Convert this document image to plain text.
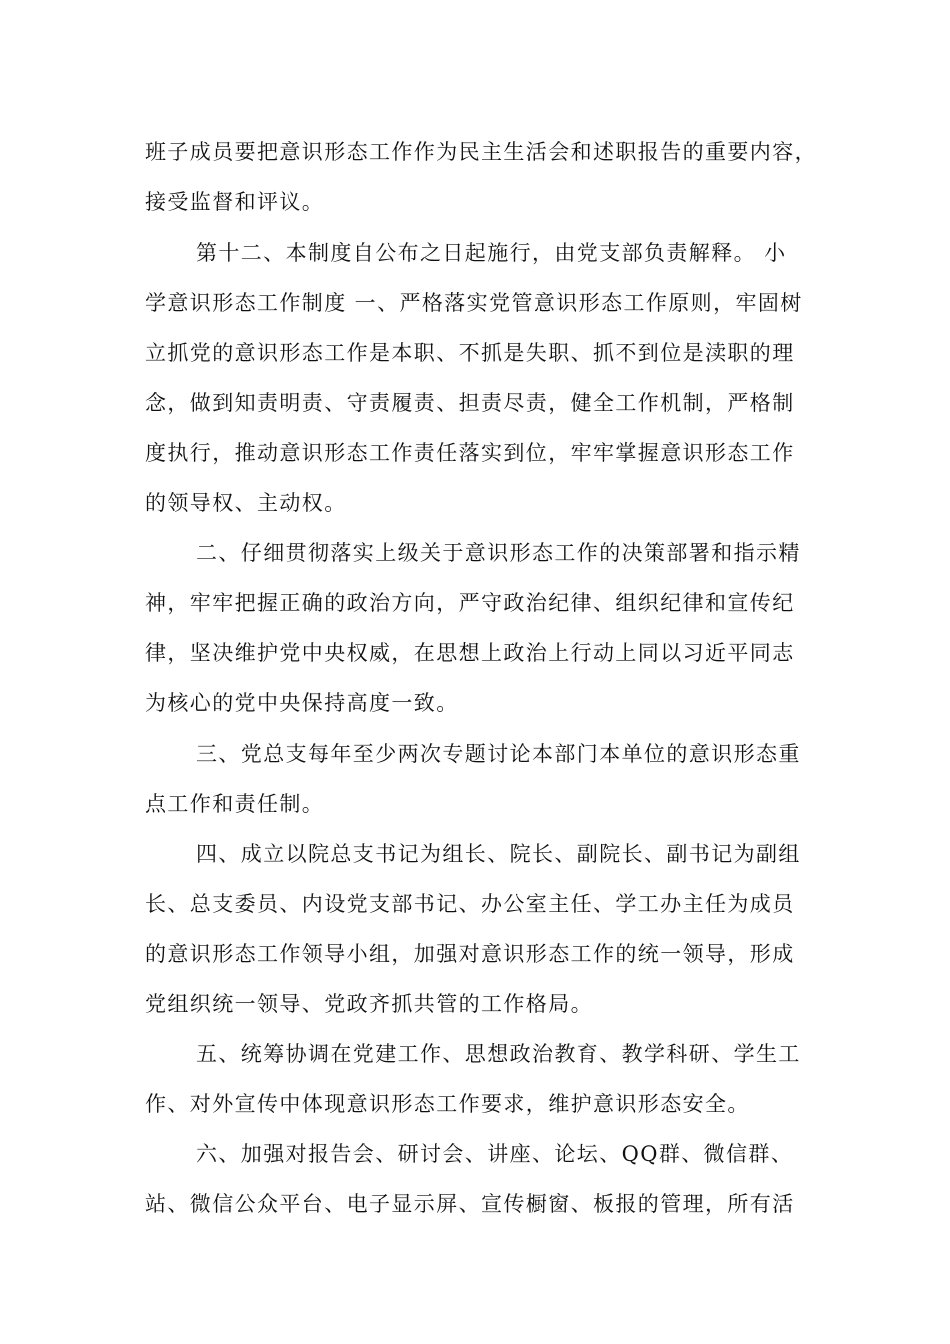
班子成员要把意识形态工作作为民主生活会和述职报告的重要内容，
接受监督和评议。
第十二、本制度自公布之日起施行，由党支部负责解释。 小
学意识形态工作制度 一、严格落实党管意识形态工作原则，牢固树
立抓党的意识形态工作是本职、不抓是失职、抓不到位是渎职的理
念，做到知责明责、守责履责、担责尽责，健全工作机制，严格制
度执行，推动意识形态工作责任落实到位，牢牢掌握意识形态工作
的领导权、主动权。
二、仔细贯彻落实上级关于意识形态工作的决策部署和指示精
神，牢牢把握正确的政治方向，严守政治纪律、组织纪律和宣传纪
律，坚决维护党中央权威，在思想上政治上行动上同以习近平同志
为核心的党中央保持高度一致。
三、党总支每年至少两次专题讨论本部门本单位的意识形态重
点工作和责任制。
四、成立以院总支书记为组长、院长、副院长、副书记为副组
长、总支委员、内设党支部书记、办公室主任、学工办主任为成员
的意识形态工作领导小组，加强对意识形态工作的统一领导，形成
党组织统一领导、党政齐抓共管的工作格局。
五、统筹协调在党建工作、思想政治教育、教学科研、学生工
作、对外宣传中体现意识形态工作要求，维护意识形态安全。
六、加强对报告会、研讨会、讲座、论坛、QQ群、微信群、
站、微信公众平台、电子显示屏、宣传橱窗、板报的管理，所有活
